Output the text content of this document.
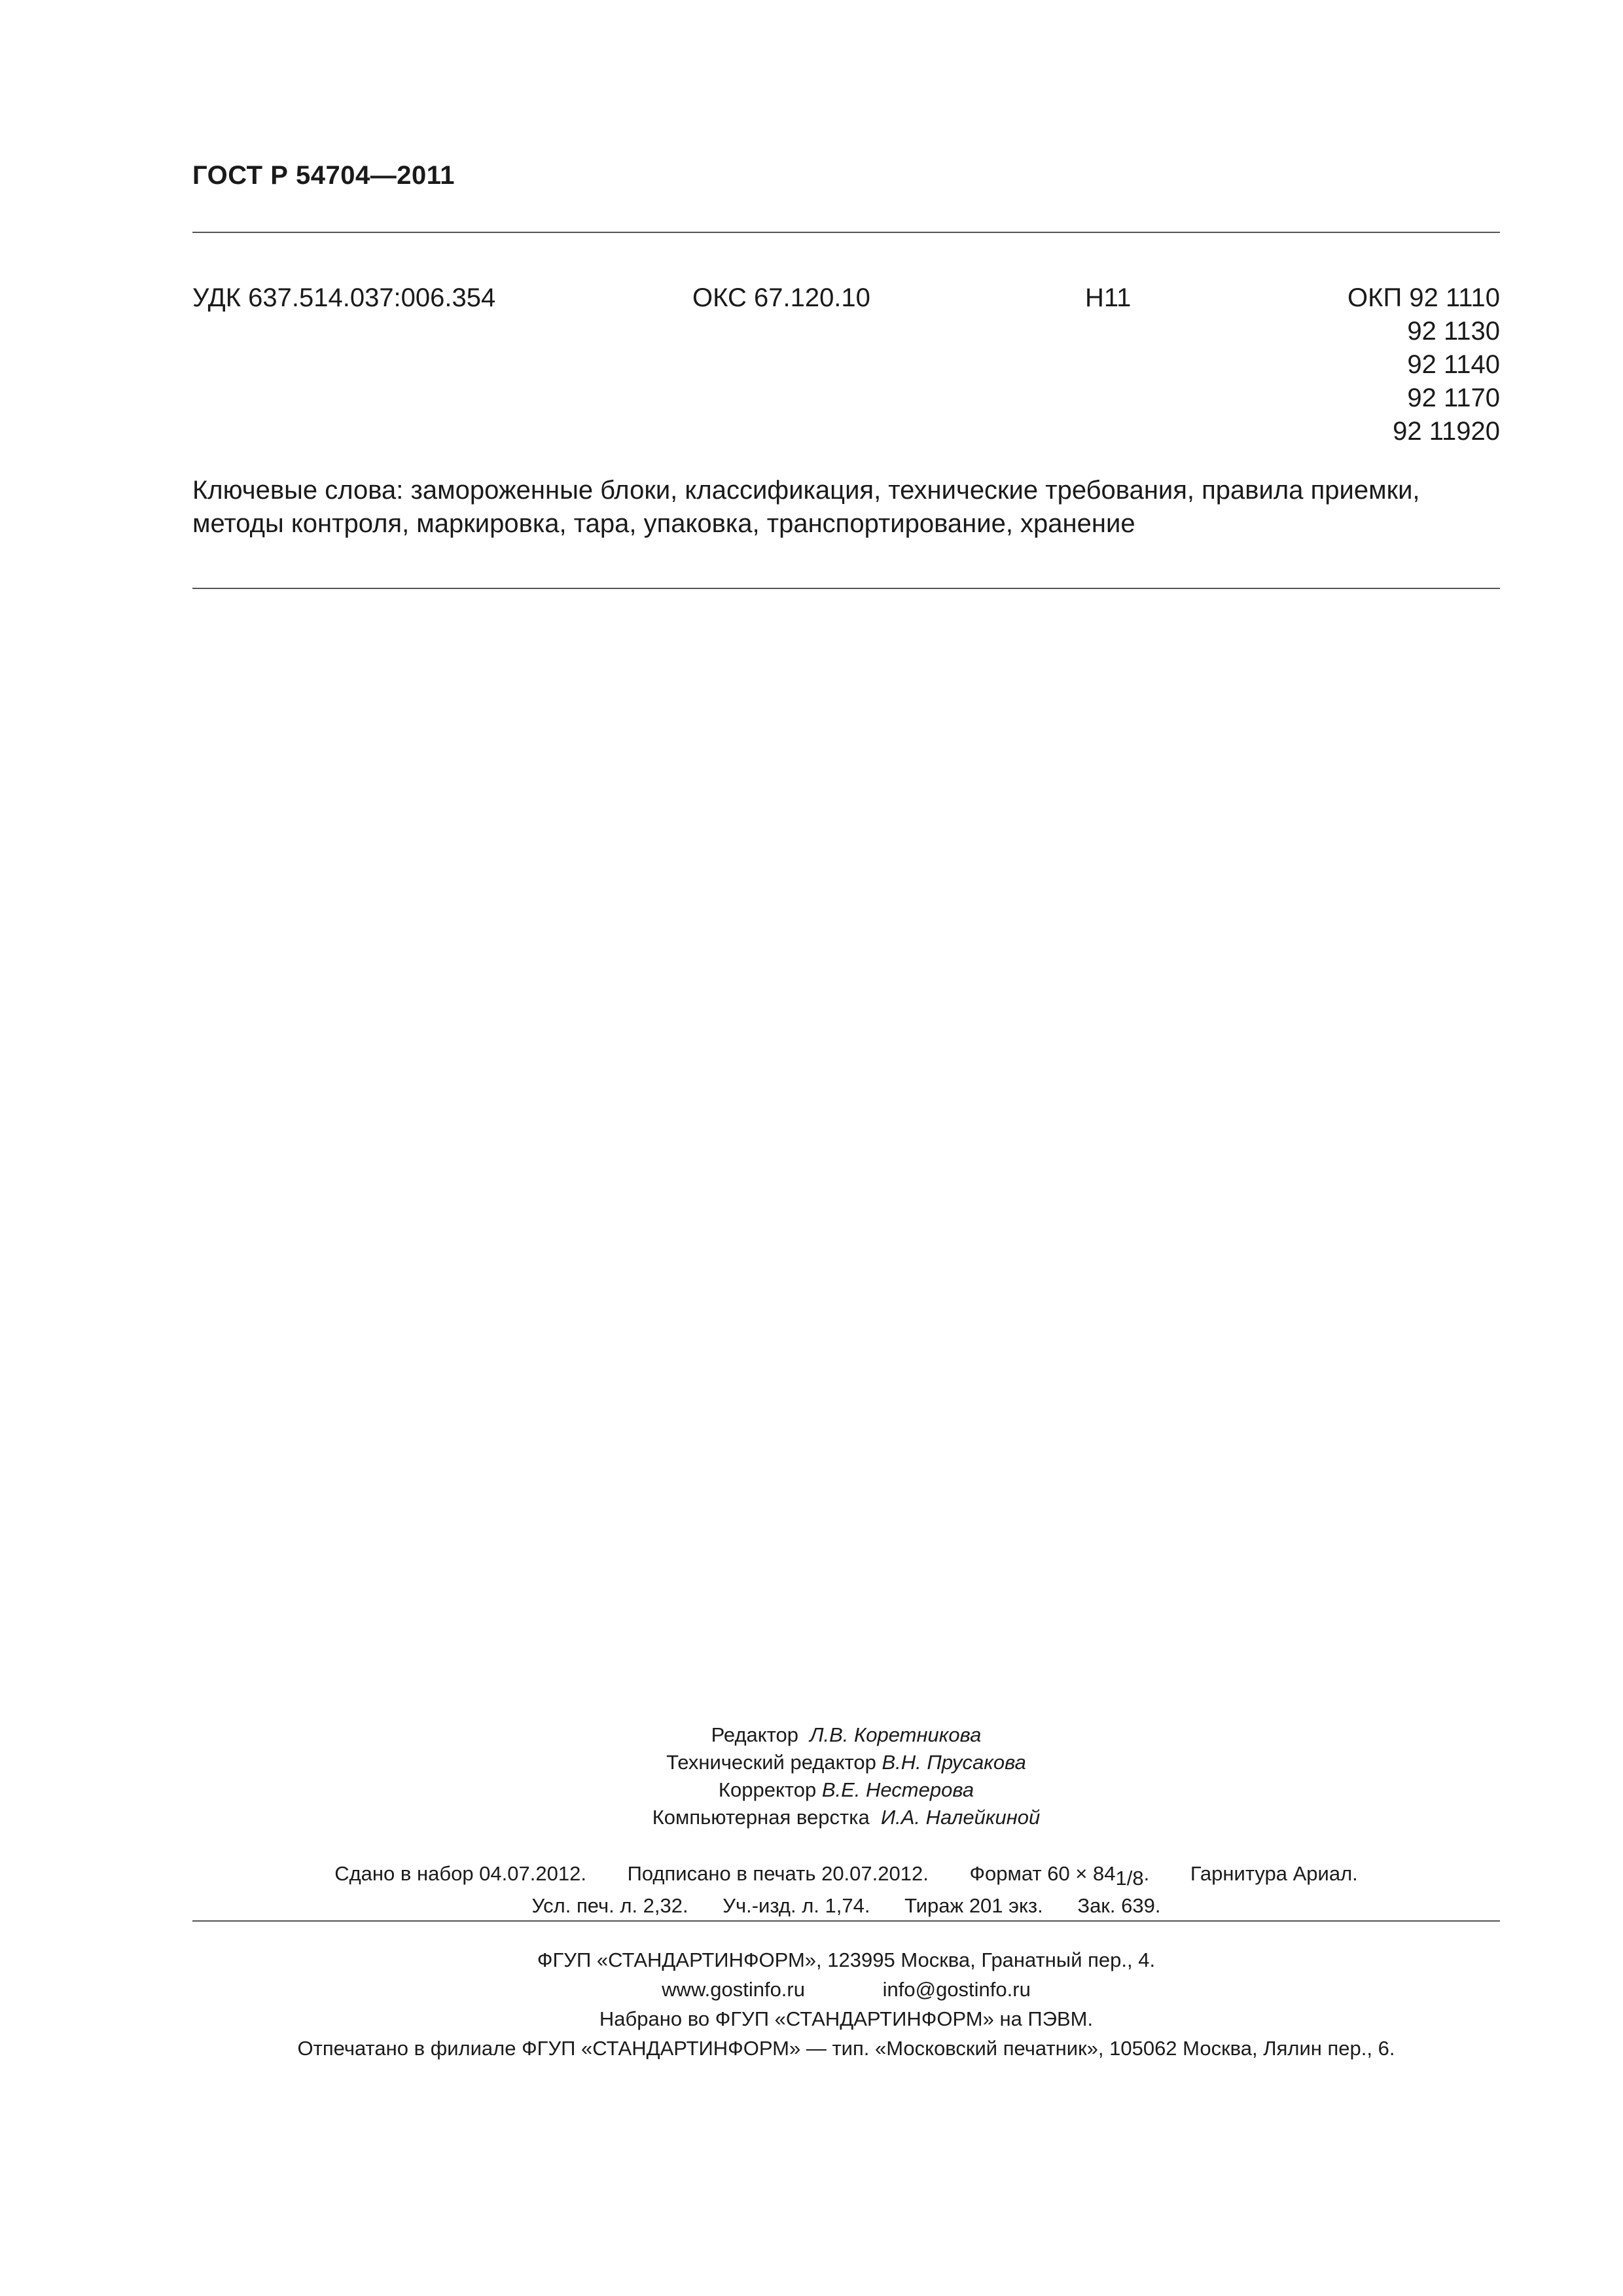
ГОСТ Р 54704—2011
УДК 637.514.037:006.354	ОКС 67.120.10	Н11	ОКП 92 1110
92 1130
92 1140
92 1170
92 11920
Ключевые слова: замороженные блоки, классификация, технические требования, правила приемки, методы контроля, маркировка, тара, упаковка, транспортирование, хранение
Редактор Л.В. Коретникова
Технический редактор В.Н. Прусакова
Корректор В.Е. Нестерова
Компьютерная верстка И.А. Налейкиной
Сдано в набор 04.07.2012. Подписано в печать 20.07.2012. Формат $60 \times 84_{1/8}$. Гарнитура Ариал.
Усл. печ. л. 2,32. Уч.-изд. л. 1,74. Тираж 201 экз. Зак. 639.
ФГУП «СТАНДАРТИНФОРМ», 123995 Москва, Гранатный пер., 4.
www.gostinfo.ru	info@gostinfo.ru
Набрано во ФГУП «СТАНДАРТИНФОРМ» на ПЭВМ.
Отпечатано в филиале ФГУП «СТАНДАРТИНФОРМ» — тип. «Московский печатник», 105062 Москва, Лялин пер., 6.
